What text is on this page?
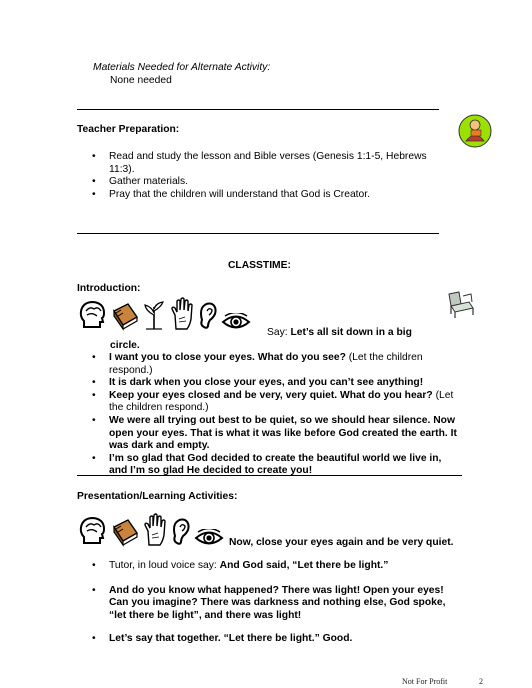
Materials Needed for Alternate Activity:
None needed
Teacher Preparation:
• Read and study the lesson and Bible verses (Genesis 1:1-5, Hebrews 11:3).
• Gather materials.
• Pray that the children will understand that God is Creator.
CLASSTIME:
Introduction:
Say: Let’s all sit down in a big
circle.
• I want you to close your eyes. What do you see? (Let the children respond.)
• It is dark when you close your eyes, and you can’t see anything!
• Keep your eyes closed and be very, very quiet. What do you hear? (Let the children respond.)
• We were all trying out best to be quiet, so we should hear silence. Now open your eyes. That is what it was like before God created the earth. It was dark and empty.
• I’m so glad that God decided to create the beautiful world we live in, and I’m so glad He decided to create you!
Presentation/Learning Activities:
Now, close your eyes again and be very quiet.
• Tutor, in loud voice say: And God said, “Let there be light.”
• And do you know what happened? There was light! Open your eyes! Can you imagine? There was darkness and nothing else, God spoke, “let there be light”, and there was light!
• Let’s say that together. “Let there be light.” Good.
Not For Profit	2
